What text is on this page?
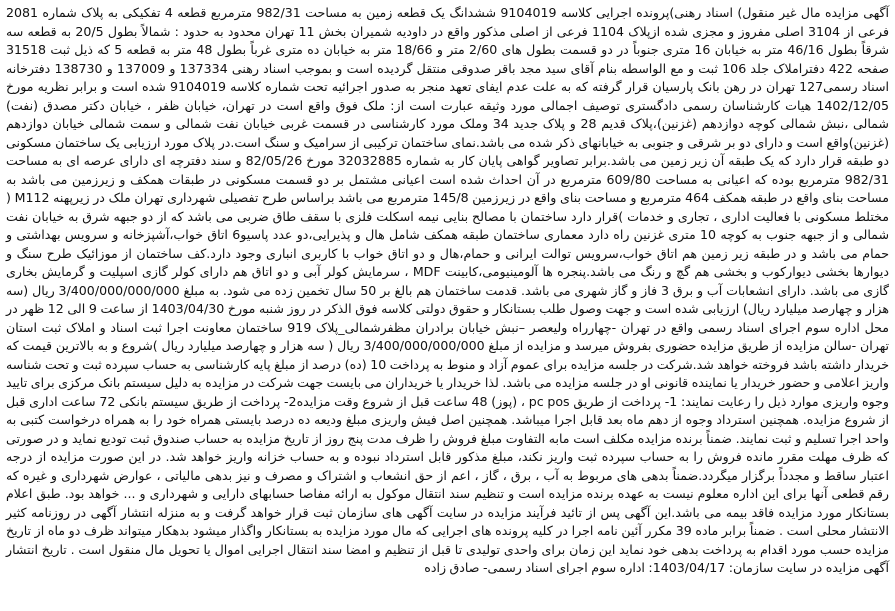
آگهی مزایده مال غیر منقول) اسناد رهنی)پرونده اجرایی کلاسه 9104019 ششدانگ یک قطعه زمین به مساحت 982/31 مترمربع قطعه 4 تفکیکی به پلاک شماره 2081 فرعی از 3104 اصلی مفروز و مجزی شده ازپلاک 1104 فرعی از اصلی مذکور واقع در داودیه شمیران بخش 11 تهران محدود به حدود : شمالاً بطول 20/5 به قطعه سه شرقاً بطول 46/16 متر به خیابان 16 متری جنوباً در دو قسمت بطول های 2/60 متر و 18/66 متر به خیابان ده متری غرباً بطول 48 متر به قطعه 5 که ذیل ثبت 31518 صفحه 422 دفتراملاک جلد 106 ثبت و مع الواسطه بنام آقای سید مجد باقر صدوقی منتقل گردیده است و بموجب اسناد رهنی 137334 و 137009 و 138730 دفترخانه اسناد رسمی127 تهران در رهن بانک پارسیان قرار گرفته که به علت عدم ایفای تعهد منجر به صدور اجرائیه تحت شماره کلاسه 9104019 شده است و برابر نظریه مورخ 1402/12/05 هیات کارشناسان رسمی دادگستری توصیف اجمالی مورد وثیقه عبارت است از: ملک فوق واقع است در تهران، خیابان ظفر ، خیابان دکتر مصدق (نفت) شمالی ،نبش شمالی کوچه دوازدهم (غزنین)،پلاک قدیم 28 و پلاک جدید 34 وملک مورد کارشناسی در قسمت غربی خیابان نفت شمالی و سمت شمالی خیابان دوازدهم (غزنین)واقع است و دارای دو بر شرقی و جنوبی به خیابانهای ذکر شده می باشد.نمای ساختمان ترکیبی از سرامیک و سنگ است.در پلاک مورد ارزیابی یک ساختمان مسکونی دو طبقه قرار دارد که یک طبقه آن زیر زمین می باشد.برابر تصاویر گواهی پایان کار به شماره 32032885 مورخ 82/05/26 و سند دفترچه ای دارای عرصه ای به مساحت 982/31 مترمربع بوده که اعیانی به مساحت 609/80 مترمربع در آن احداث شده است اعیانی مشتمل بر دو قسمت مسکونی در طبقات همکف و زیرزمین می باشد به مساحت بنای واقع در طبقه همکف 464 مترمربع و مساحت بنای واقع در زیرزمین 145/8 مترمربع می باشد براساس طرح تفصیلی شهرداری تهران ملک در زیرپهنه M112 ( مختلط مسکونی با فعالیت اداری ، تجاری و خدمات )قرار دارد ساختمان با مصالح بنایی نیمه اسکلت فلزی با سقف طاق ضربی می باشد که از دو جبهه شرق به خیابان نفت شمالی و از جبهه جنوب به کوچه 10 متری غزنین راه دارد معماری ساختمان طبقه همکف شامل هال و پذیرایی،دو عدد پاسیو6 اتاق خواب،آشپزخانه و سرویس بهداشتی و حمام می باشد و در طبقه زیر زمین هم اتاق خواب،سرویس توالت ایرانی و حمام،هال و دو اتاق خواب با کاربری انباری وجود دارد.کف ساختمان از موزائیک طرح سنگ و دیوارها بخشی دیوارکوب و بخشی هم گچ و رنگ می باشد.پنجره ها آلومینیومی،کابینت MDF ، سرمایش کولر آبی و دو اتاق هم دارای کولر گازی اسپلیت و گرمایش بخاری گازی می باشد. دارای انشعابات آب و برق 3 فاز و گاز شهری می باشد. قدمت ساختمان هم بالغ بر 50 سال تخمین زده می شود. به مبلغ 3/400/000/000/000 ریال (سه هزار و چهارصد میلیارد ریال) ارزیابی شده است و جهت وصول طلب بستانکار و حقوق دولتی کلاسه فوق الذکر در روز شنبه مورخ 1403/04/30 از ساعت 9 الی 12 ظهر در محل اداره سوم اجرای اسناد رسمی واقع در تهران -چهارراه ولیعصر –نبش خیابان برادران مظفرشمالی_پلاک 919 ساختمان معاونت اجرا ثبت اسناد و املاک ثبت استان تهران -سالن مزایده از طریق مزایده حضوری بفروش میرسد و مزایده از مبلغ 3/400/000/000/000 ریال ( سه هزار و چهارصد میلیارد ریال )شروع و به بالاترین قیمت که خریدار داشته باشد فروخته خواهد شد.شرکت در جلسه مزایده برای عموم آزاد و منوط به پرداخت 10 (ده) درصد از مبلغ پایه کارشناسی به حساب سپرده ثبت و تحت شناسه واریز اعلامی و حضور خریدار یا نماینده قانونی او در جلسه مزایده می باشد. لذا خریدار یا خریداران می بایست جهت شرکت در مزایده به دلیل سیستم بانک مرکزی برای تایید وجوه واریزی موارد ذیل را رعایت نمایند: 1- پرداخت از طریق pc pos ، (پوز) 48 ساعت قبل از شروع وقت مزایده2- پرداخت از طریق سیستم بانکی 72 ساعت اداری قبل از شروع مزایده. همچنین استرداد وجوه از دهم ماه بعد قابل اجرا میباشد. همچنین اصل فیش واریزی مبلغ ودیعه ده درصد بایستی همراه خود را به همراه درخواست کتبی به واحد اجرا تسلیم و ثبت نمایند. ضمناً برنده مزایده مکلف است مابه التفاوت مبلغ فروش را ظرف مدت پنج روز از تاریخ مزایده به حساب صندوق ثبت تودیع نماید و در صورتی که ظرف مهلت مقرر مانده فروش را به حساب سپرده ثبت واریز نکند، مبلغ مذکور قابل استرداد نبوده و به حساب خزانه واریز خواهد شد. در این صورت مزایده از درجه اعتبار ساقط و مجدداً برگزار میگردد.ضمناً بدهی های مربوط به آب ، برق ، گاز ، اعم از حق انشعاب و اشتراک و مصرف و نیز بدهی مالیاتی ، عوارض شهرداری و غیره که رقم قطعی آنها برای این اداره معلوم نیست به عهده برنده مزایده است و تنظیم سند انتقال موکول به ارائه مفاصا حسابهای دارایی و شهرداری و ... خواهد بود. طبق اعلام بستانکار مورد مزایده فاقد بیمه می باشد.این آگهی پس از تائید فرآیند مزایده در سایت آگهی های سازمان ثبت قرار خواهد گرفت و به منزله انتشار آگهی در روزنامه کثیر الانتشار محلی است . ضمناً برابر ماده 39 مکرر آئین نامه اجرا در کلیه پرونده های اجرایی که مال مورد مزایده به بستانکار واگذار میشود بدهکار میتواند ظرف دو ماه از تاریخ مزایده حسب مورد اقدام به پرداخت بدهی خود نماید این زمان برای واحدی تولیدی تا قبل از تنظیم و امضا سند انتقال اجرایی اموال یا تحویل مال منقول است . تاریخ انتشار آگهی مزایده در سایت سازمان: 1403/04/17: اداره سوم اجرای اسناد رسمی- صادق زاده
